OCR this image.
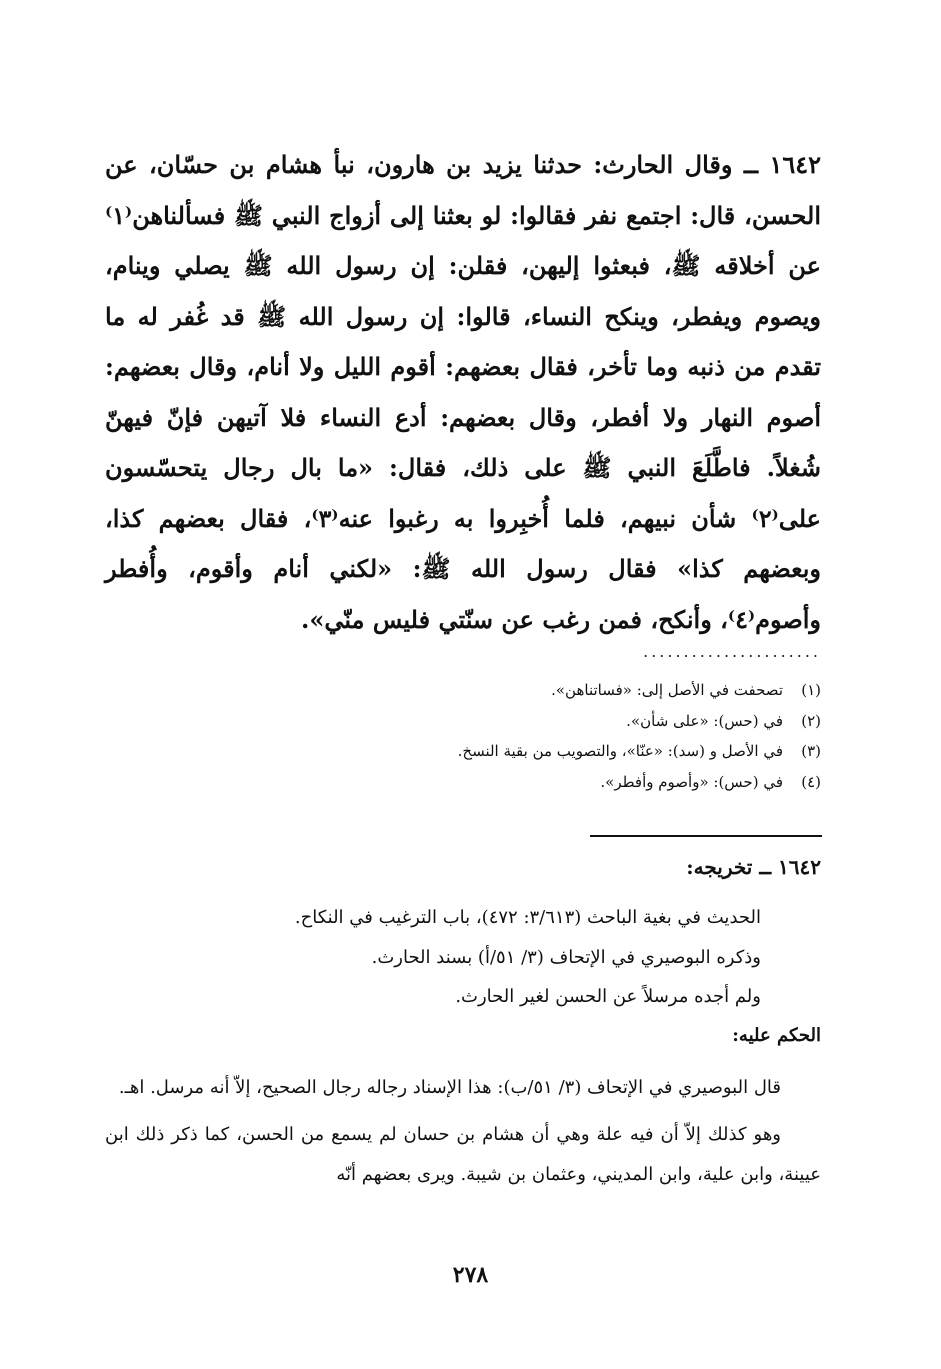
١٦٤٢ ــ وقال الحارث: حدثنا يزيد بن هارون، نبأ هشام بن حسّان، عن الحسن، قال: اجتمع نفر فقالوا: لو بعثنا إلى أزواج النبي ﷺ فسألناهن⁽١⁾ عن أخلاقه ﷺ، فبعثوا إليهن، فقلن: إن رسول الله ﷺ يصلي وينام، ويصوم ويفطر، وينكح النساء، قالوا: إن رسول الله ﷺ قد غُفر له ما تقدم من ذنبه وما تأخر، فقال بعضهم: أقوم الليل ولا أنام، وقال بعضهم: أصوم النهار ولا أفطر، وقال بعضهم: أدع النساء فلا آتيهن فإنّ فيهنّ شُغلاً. فاطَّلَعَ النبي ﷺ على ذلك، فقال: «ما بال رجال يتحسّسون على⁽٢⁾ شأن نبيهم، فلما أُخبِروا به رغبوا عنه⁽٣⁾، فقال بعضهم كذا، وبعضهم كذا» فقال رسول الله ﷺ: «لكني أنام وأقوم، وأُفطر وأصوم⁽٤⁾، وأنكح، فمن رغب عن سنّتي فليس منّي».

......................

(١)
تصحفت في الأصل إلى: «فساتناهن».

(٢)
في (حس): «على شأن».

(٣)
في الأصل و (سد): «عنّا»، والتصويب من بقية النسخ.

(٤)
في (حس): «وأصوم وأفطر».

١٦٤٢ ــ تخريجه:

الحديث في بغية الباحث (٣/٦١٣: ٤٧٢)، باب الترغيب في النكاح.

وذكره البوصيري في الإتحاف (٣/ ٥١/أ) بسند الحارث.

ولم أجده مرسلاً عن الحسن لغير الحارث.

الحكم عليه:

قال البوصيري في الإتحاف (٣/ ٥١/ب): هذا الإسناد رجاله رجال الصحيح، إلاّ أنه مرسل. اهـ.

وهو كذلك إلاّ أن فيه علة وهي أن هشام بن حسان لم يسمع من الحسن، كما ذكر ذلك ابن عيينة، وابن علية، وابن المديني، وعثمان بن شيبة. ويرى بعضهم أنّه

٢٧٨
